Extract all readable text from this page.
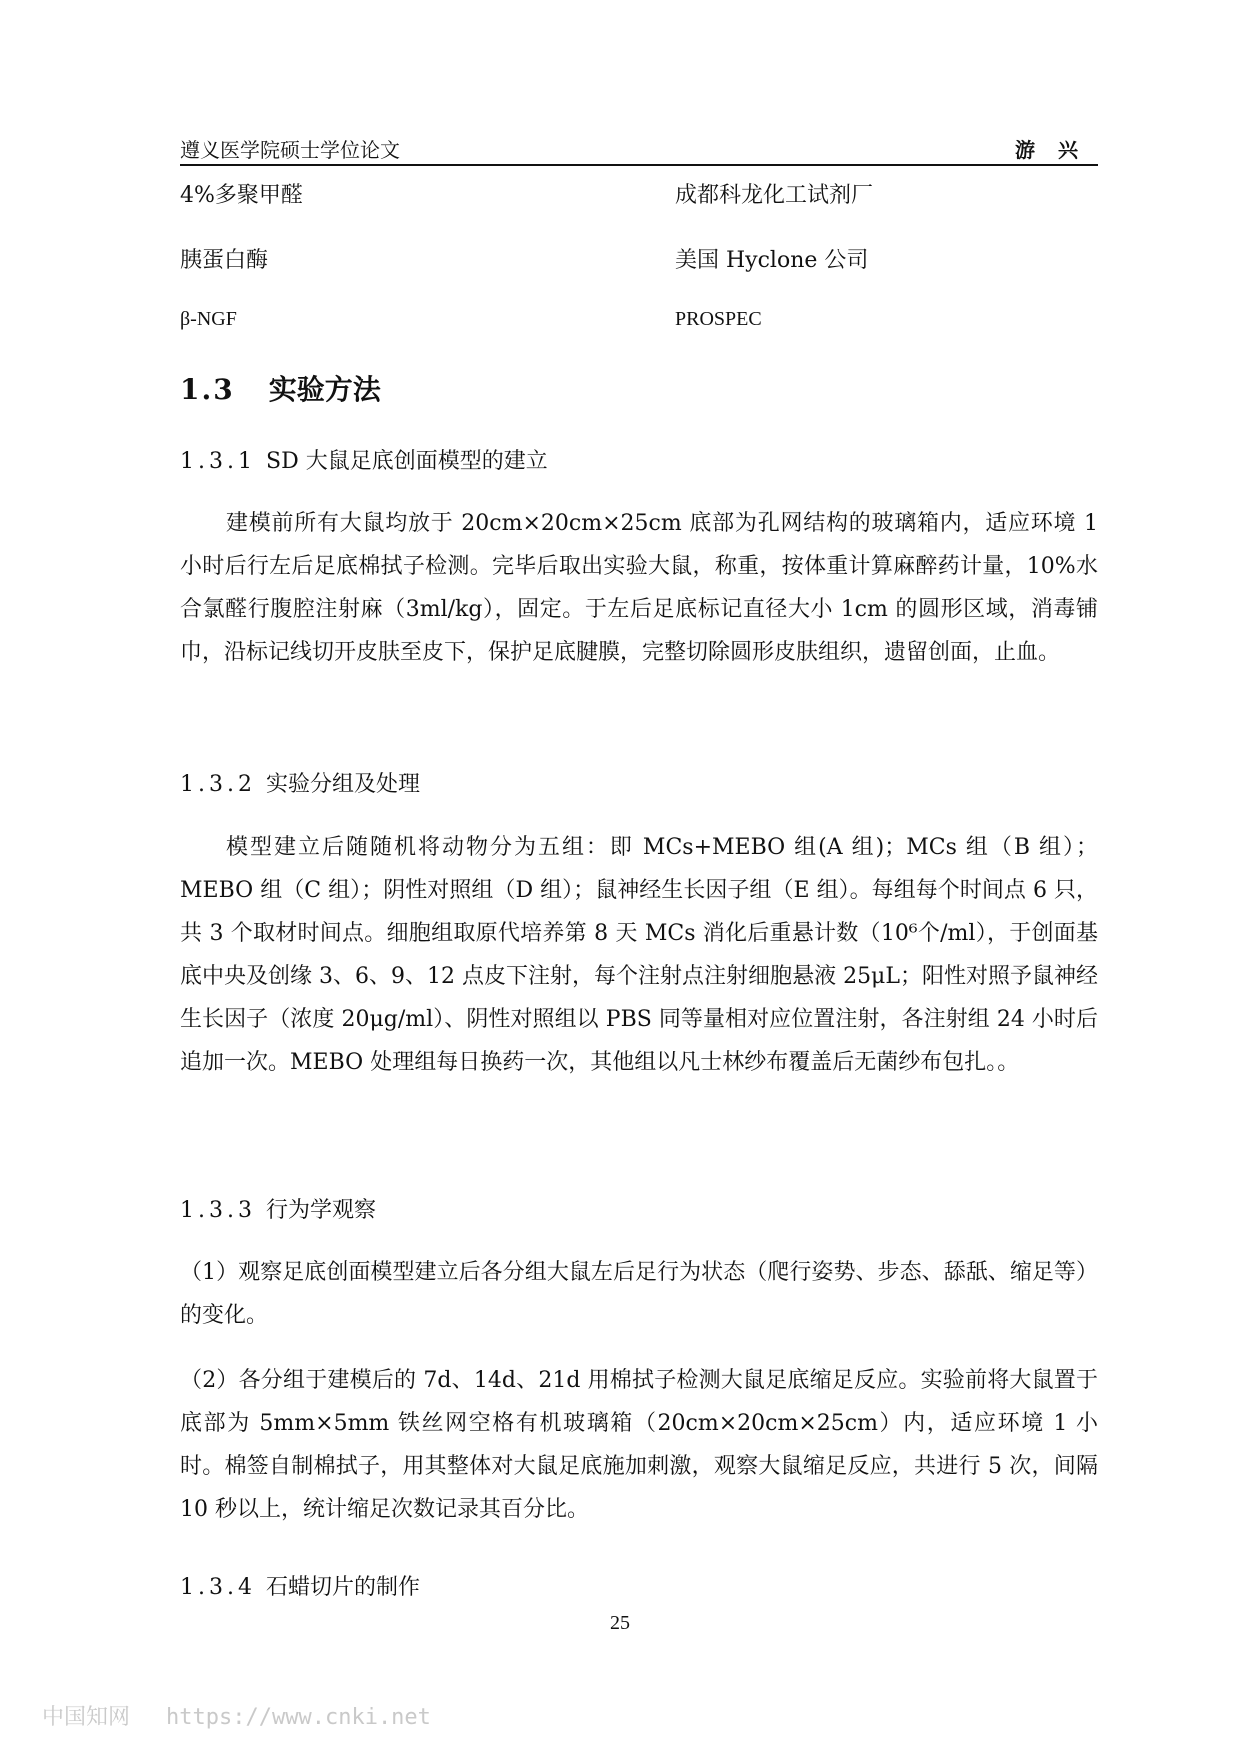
遵义医学院硕士学位论文	游 兴
4%多聚甲醛	成都科龙化工试剂厂
胰蛋白酶	美国 Hyclone 公司
β-NGF	PROSPEC
1.3 实验方法
1.3.1 SD 大鼠足底创面模型的建立
建模前所有大鼠均放于 20cm×20cm×25cm 底部为孔网结构的玻璃箱内，适应环境 1 小时后行左后足底棉拭子检测。完毕后取出实验大鼠，称重，按体重计算麻醉药计量，10%水合氯醛行腹腔注射麻（3ml/kg），固定。于左后足底标记直径大小 1cm 的圆形区域，消毒铺巾，沿标记线切开皮肤至皮下，保护足底腱膜，完整切除圆形皮肤组织，遗留创面，止血。
1.3.2 实验分组及处理
模型建立后随随机将动物分为五组：即 MCs+MEBO 组(A 组)；MCs 组（B 组）；MEBO 组（C 组）；阴性对照组（D 组）；鼠神经生长因子组（E 组）。每组每个时间点 6 只，共 3 个取材时间点。细胞组取原代培养第 8 天 MCs 消化后重悬计数（10⁶个/ml），于创面基底中央及创缘 3、6、9、12 点皮下注射，每个注射点注射细胞悬液 25μL；阳性对照予鼠神经生长因子（浓度 20μg/ml）、阴性对照组以 PBS 同等量相对应位置注射，各注射组 24 小时后追加一次。MEBO 处理组每日换药一次，其他组以凡士林纱布覆盖后无菌纱布包扎。。
1.3.3 行为学观察
（1）观察足底创面模型建立后各分组大鼠左后足行为状态（爬行姿势、步态、舔舐、缩足等）的变化。
（2）各分组于建模后的 7d、14d、21d 用棉拭子检测大鼠足底缩足反应。实验前将大鼠置于底部为 5mm×5mm 铁丝网空格有机玻璃箱（20cm×20cm×25cm）内，适应环境 1 小时。棉签自制棉拭子，用其整体对大鼠足底施加刺激，观察大鼠缩足反应，共进行 5 次，间隔 10 秒以上，统计缩足次数记录其百分比。
1.3.4 石蜡切片的制作
25
中国知网 https://www.cnki.net
